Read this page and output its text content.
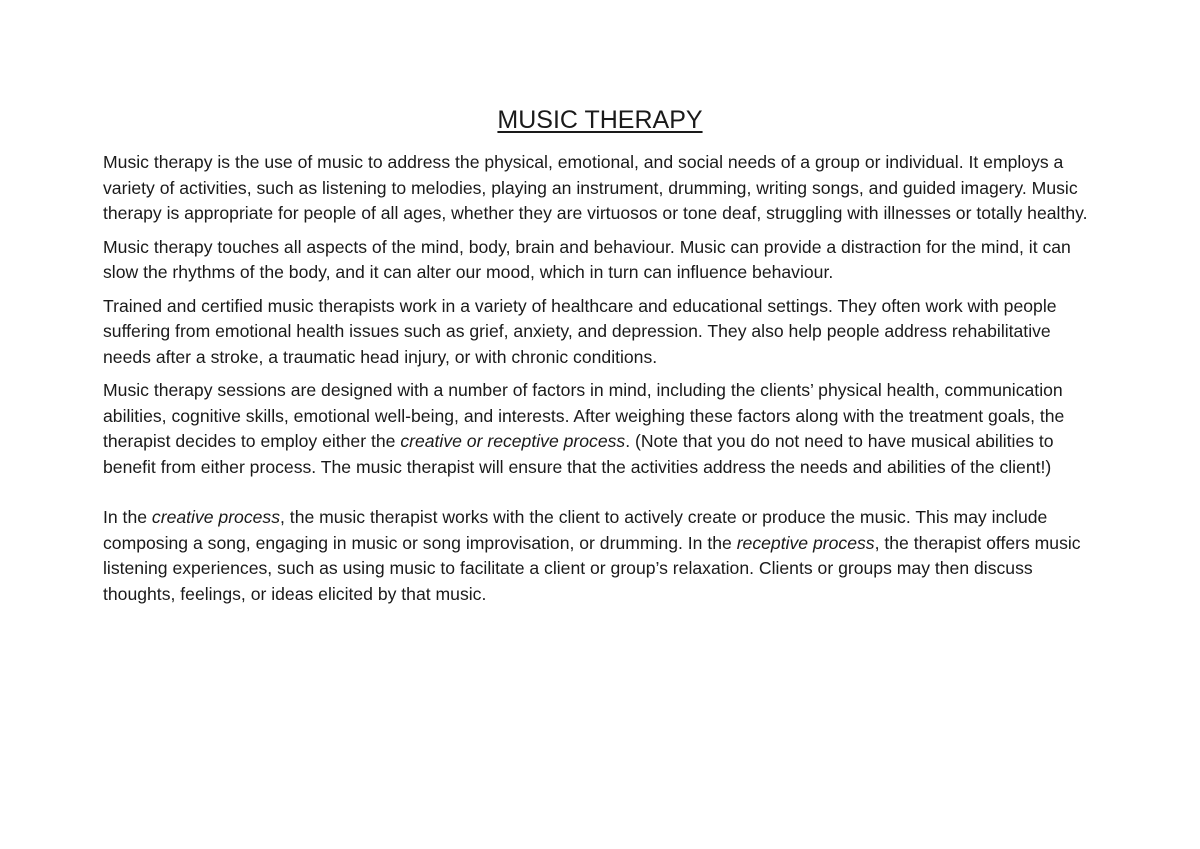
MUSIC THERAPY

Music therapy is the use of music to address the physical, emotional, and social needs of a group or individual. It employs a variety of activities, such as listening to melodies, playing an instrument, drumming, writing songs, and guided imagery. Music therapy is appropriate for people of all ages, whether they are virtuosos or tone deaf, struggling with illnesses or totally healthy.

Music therapy touches all aspects of the mind, body, brain and behaviour. Music can provide a distraction for the mind, it can slow the rhythms of the body, and it can alter our mood, which in turn can influence behaviour.

Trained and certified music therapists work in a variety of healthcare and educational settings. They often work with people suffering from emotional health issues such as grief, anxiety, and depression. They also help people address rehabilitative needs after a stroke, a traumatic head injury, or with chronic conditions.

Music therapy sessions are designed with a number of factors in mind, including the clients’ physical health, communication abilities, cognitive skills, emotional well-being, and interests. After weighing these factors along with the treatment goals, the therapist decides to employ either the creative or receptive process. (Note that you do not need to have musical abilities to benefit from either process. The music therapist will ensure that the activities address the needs and abilities of the client!)

In the creative process, the music therapist works with the client to actively create or produce the music. This may include composing a song, engaging in music or song improvisation, or drumming. In the receptive process, the therapist offers music listening experiences, such as using music to facilitate a client or group’s relaxation. Clients or groups may then discuss thoughts, feelings, or ideas elicited by that music.
